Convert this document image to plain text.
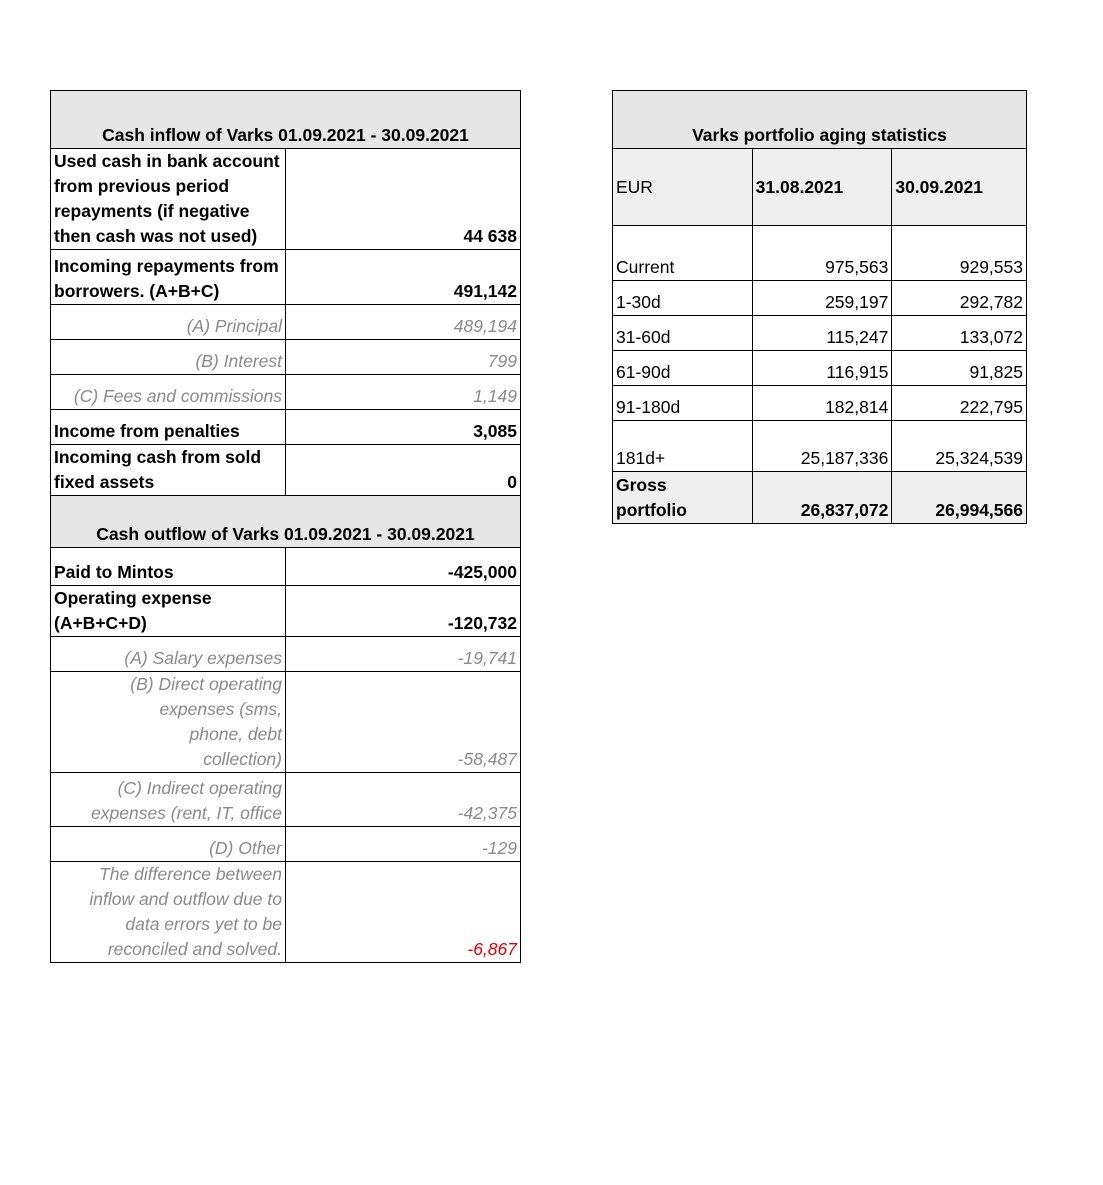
Cash inflow of Varks 01.09.2021 - 30.09.2021	
Used cash in bank account from previous period repayments (if negative then cash was not used)	44 638
Incoming repayments from borrowers. (A+B+C)	491,142
(A) Principal	489,194
(B) Interest	799
(C) Fees and commissions	1,149
Income from penalties	3,085
Incoming cash from sold fixed assets	0
Cash outflow of Varks 01.09.2021 - 30.09.2021	
Paid to Mintos	-425,000
Operating expense (A+B+C+D)	-120,732
(A) Salary expenses	-19,741
(B) Direct operating expenses (sms, phone, debt collection)	-58,487
(C) Indirect operating expenses (rent, IT, office	-42,375
(D) Other	-129
The difference between inflow and outflow due to data errors yet to be reconciled and solved.	-6,867
Varks portfolio aging statistics		
EUR	31.08.2021	30.09.2021
Current	975,563	929,553
1-30d	259,197	292,782
31-60d	115,247	133,072
61-90d	116,915	91,825
91-180d	182,814	222,795
181d+	25,187,336	25,324,539
Gross portfolio	26,837,072	26,994,566
